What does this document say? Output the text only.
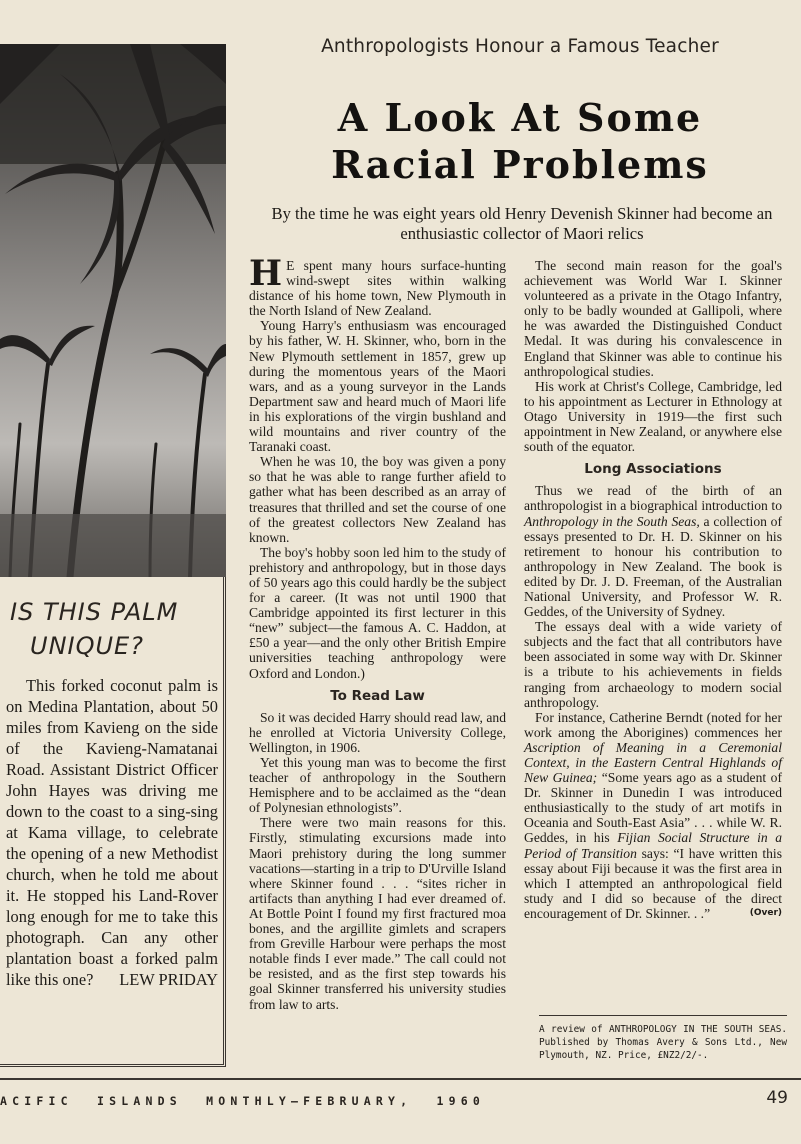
IS THIS PALM
UNIQUE?
This forked coconut palm is on Medina Plantation, about 50 miles from Kavieng on the side of the Kavieng-Namatanai Road. Assistant District Officer John Hayes was driving me down to the coast to a sing-sing at Kama village, to celebrate the opening of a new Methodist church, when he told me about it. He stopped his Land-Rover long enough for me to take this photograph. Can any other plantation boast a forked palm like this one? LEW PRIDAY
Anthropologists Honour a Famous Teacher
A Look At Some
Racial Problems
By the time he was eight years old Henry Devenish Skinner had become an enthusiastic collector of Maori relics

H E spent many hours surface-hunting wind-swept sites within walking distance of his home town, New Plymouth in the North Island of New Zealand.

Young Harry's enthusiasm was encouraged by his father, W. H. Skinner, who, born in the New Plymouth settlement in 1857, grew up during the momentous years of the Maori wars, and as a young surveyor in the Lands Department saw and heard much of Maori life in his explorations of the virgin bushland and wild mountains and river country of the Taranaki coast.

When he was 10, the boy was given a pony so that he was able to range further afield to gather what has been described as an array of treasures that thrilled and set the course of one of the greatest collectors New Zealand has known.

The boy's hobby soon led him to the study of prehistory and anthropology, but in those days of 50 years ago this could hardly be the subject for a career. (It was not until 1900 that Cambridge appointed its first lecturer in this “new” subject—the famous A. C. Haddon, at £50 a year—and the only other British Empire universities teaching anthropology were Oxford and London.)

To Read Law

So it was decided Harry should read law, and he enrolled at Victoria University College, Wellington, in 1906.

Yet this young man was to become the first teacher of anthropology in the Southern Hemisphere and to be acclaimed as the “dean of Polynesian ethnologists”.

There were two main reasons for this. Firstly, stimulating excursions made into Maori prehistory during the long summer vacations—starting in a trip to D'Urville Island where Skinner found . . . “sites richer in artifacts than anything I had ever dreamed of. At Bottle Point I found my first fractured moa bones, and the argillite gimlets and scrapers from Greville Harbour were perhaps the most notable finds I ever made.” The call could not be resisted, and as the first step towards his goal Skinner transferred his university studies from law to arts.

The second main reason for the goal's achievement was World War I. Skinner volunteered as a private in the Otago Infantry, only to be badly wounded at Gallipoli, where he was awarded the Distinguished Conduct Medal. It was during his convalescence in England that Skinner was able to continue his anthropological studies.

His work at Christ's College, Cambridge, led to his appointment as Lecturer in Ethnology at Otago University in 1919—the first such appointment in New Zealand, or anywhere else south of the equator.

Long Associations

Thus we read of the birth of an anthropologist in a biographical introduction to Anthropology in the South Seas, a collection of essays presented to Dr. H. D. Skinner on his retirement to honour his contribution to anthropology in New Zealand. The book is edited by Dr. J. D. Freeman, of the Australian National University, and Professor W. R. Geddes, of the University of Sydney.

The essays deal with a wide variety of subjects and the fact that all contributors have been associated in some way with Dr. Skinner is a tribute to his achievements in fields ranging from archaeology to modern social anthropology.

For instance, Catherine Berndt (noted for her work among the Aborigines) commences her Ascription of Meaning in a Ceremonial Context, in the Eastern Central Highlands of New Guinea; “Some years ago as a student of Dr. Skinner in Dunedin I was introduced enthusiastically to the study of art motifs in Oceania and South-East Asia” . . . while W. R. Geddes, in his Fijian Social Structure in a Period of Transition says: “I have written this essay about Fiji because it was the first area in which I attempted an anthropological field study and I did so because of the direct encouragement of Dr. Skinner. . .”	(Over)

A review of ANTHROPOLOGY IN THE SOUTH SEAS. Published by Thomas Avery & Sons Ltd., New Plymouth, NZ. Price, £NZ2/2/-.
ACIFIC  ISLANDS  MONTHLY—FEBRUARY,  1960	49
